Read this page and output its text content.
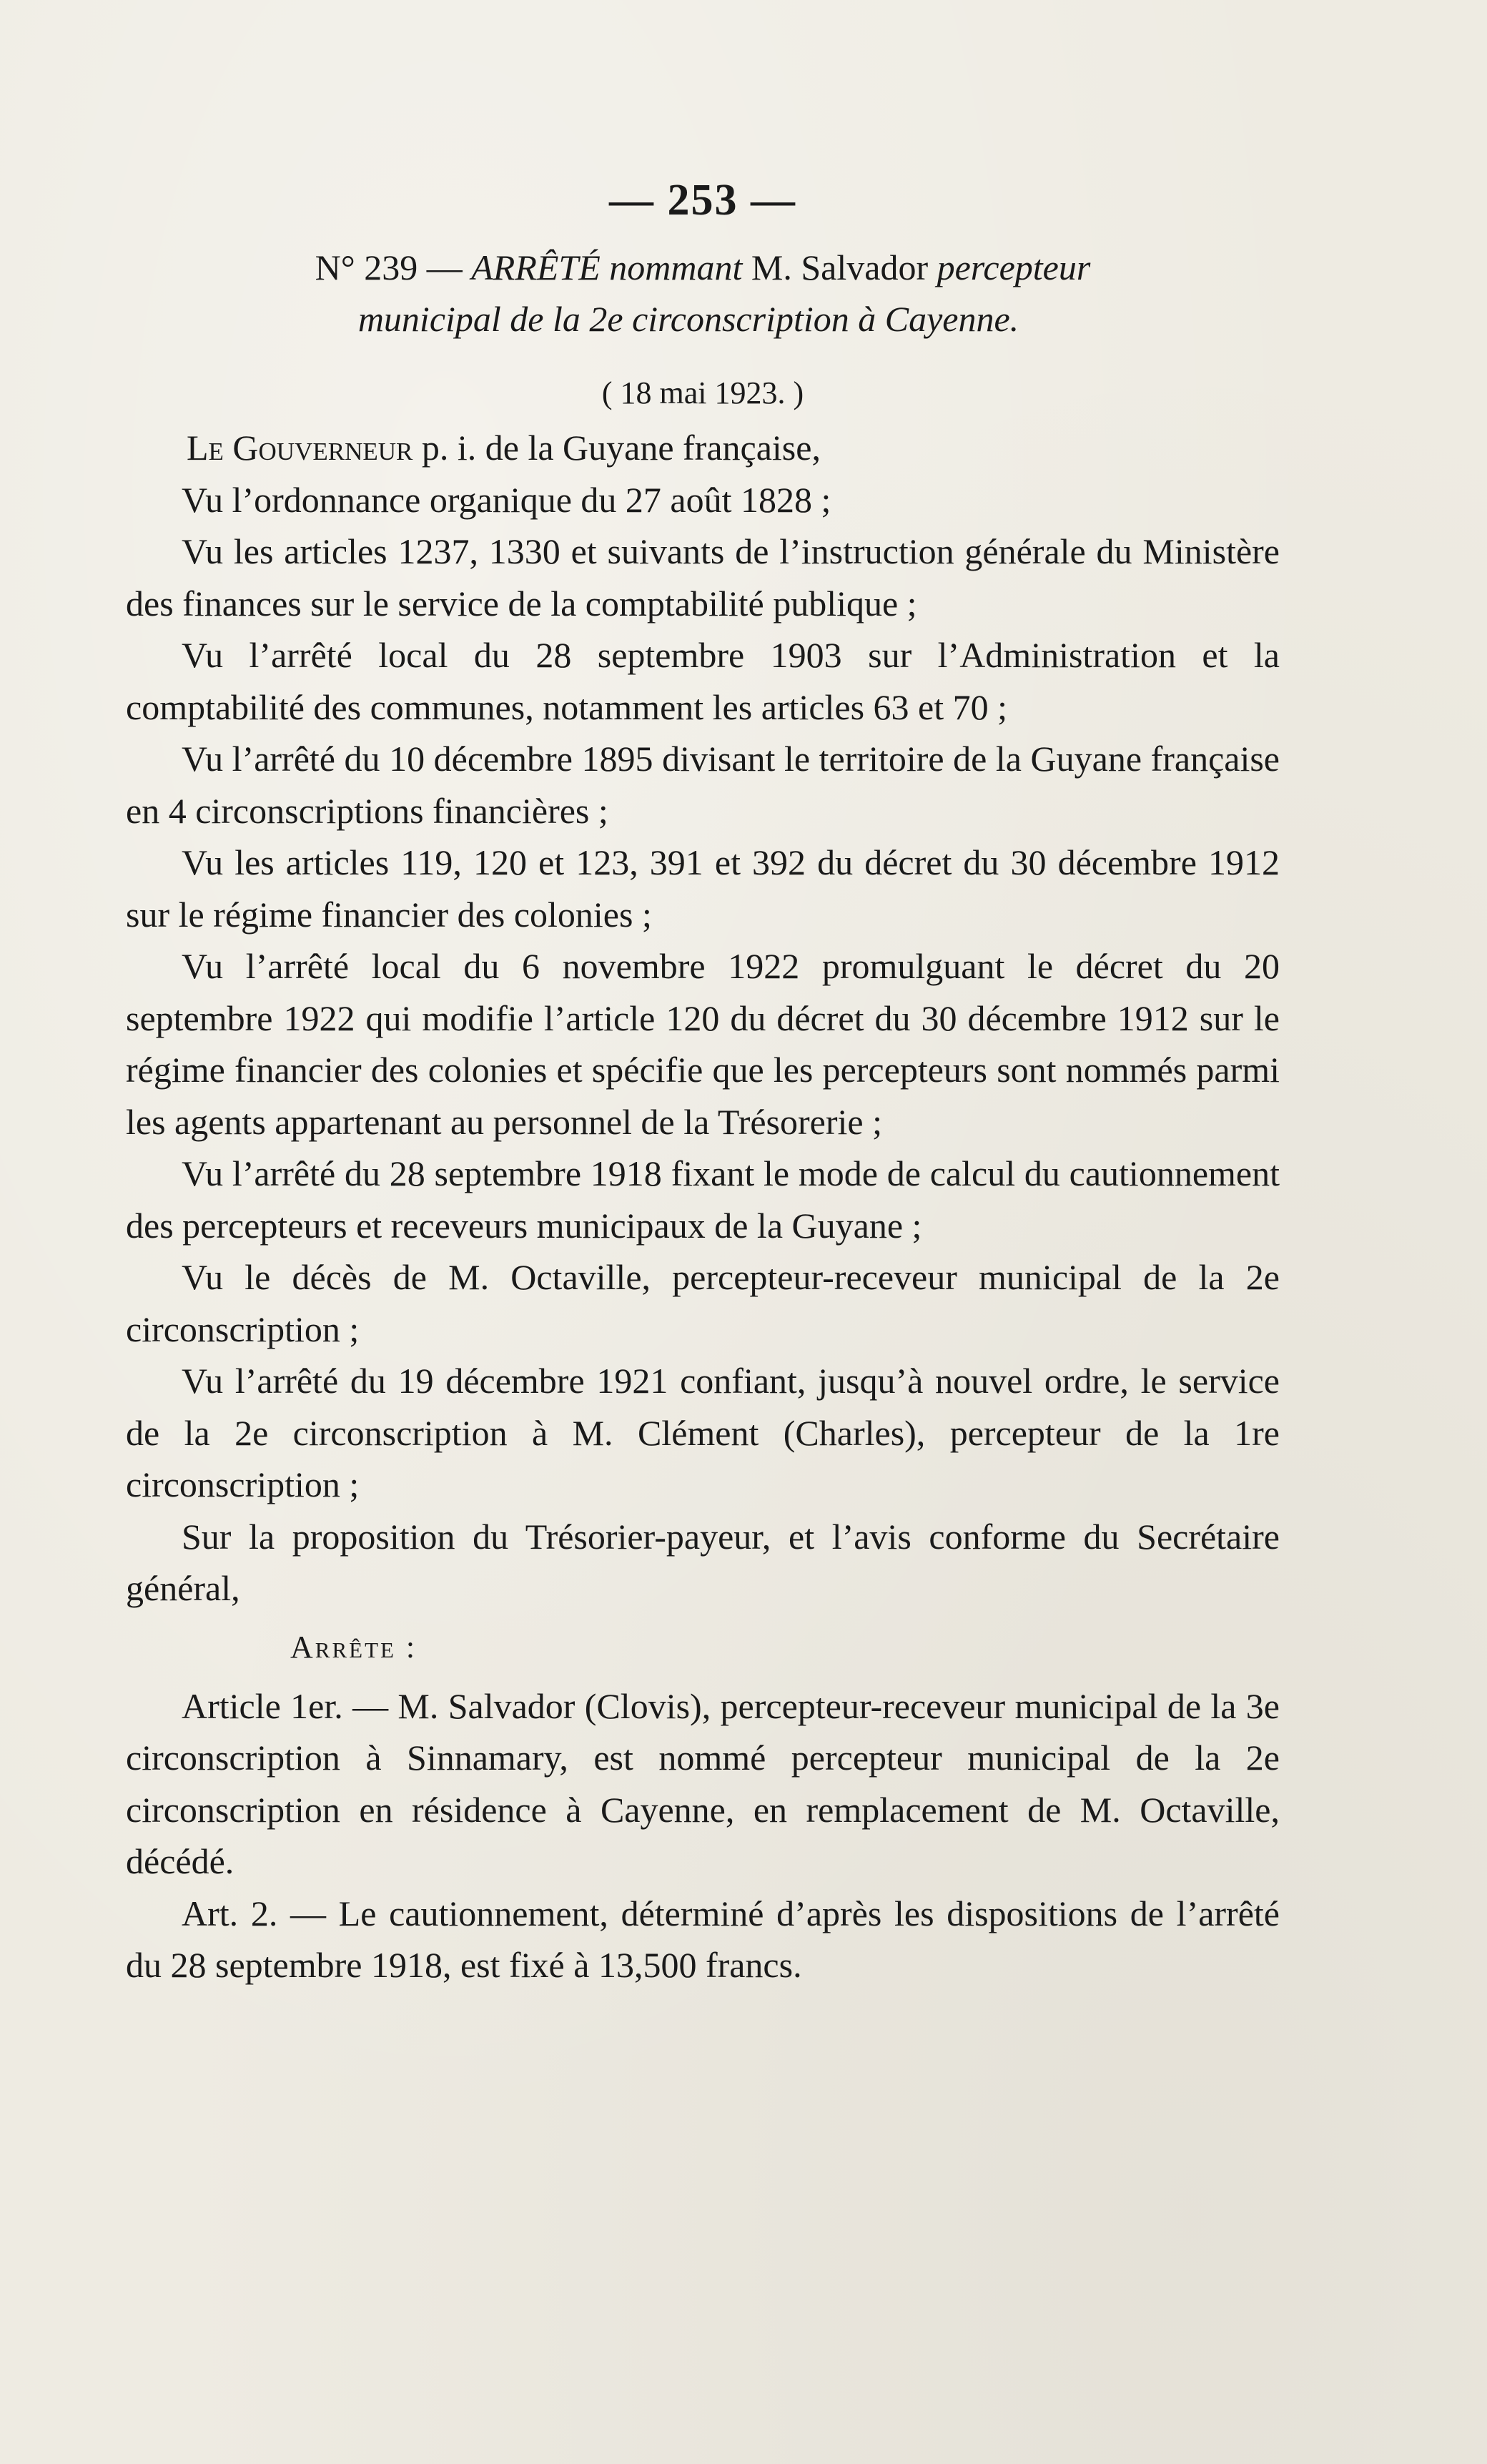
— 253 —
N° 239 — ARRÊTÉ nommant M. Salvador percepteur
municipal de la 2e circonscription à Cayenne.
( 18 mai 1923. )

Le Gouverneur p. i. de la Guyane française,

Vu l’ordonnance organique du 27 août 1828 ;

Vu les articles 1237, 1330 et suivants de l’instruction générale du Ministère des finances sur le service de la comptabilité publique ;

Vu l’arrêté local du 28 septembre 1903 sur l’Administration et la comptabilité des communes, notamment les articles 63 et 70 ;

Vu l’arrêté du 10 décembre 1895 divisant le territoire de la Guyane française en 4 circonscriptions financières ;

Vu les articles 119, 120 et 123, 391 et 392 du décret du 30 décembre 1912 sur le régime financier des colonies ;

Vu l’arrêté local du 6 novembre 1922 promulguant le décret du 20 septembre 1922 qui modifie l’article 120 du décret du 30 décembre 1912 sur le régime financier des colonies et spécifie que les percepteurs sont nommés parmi les agents appartenant au personnel de la Trésorerie ;

Vu l’arrêté du 28 septembre 1918 fixant le mode de calcul du cautionnement des percepteurs et receveurs municipaux de la Guyane ;

Vu le décès de M. Octaville, percepteur-receveur municipal de la 2e circonscription ;

Vu l’arrêté du 19 décembre 1921 confiant, jusqu’à nouvel ordre, le service de la 2e circonscription à M. Clément (Charles), percepteur de la 1re circonscription ;

Sur la proposition du Trésorier-payeur, et l’avis conforme du Secrétaire général,

Arrête :

Article 1er. — M. Salvador (Clovis), percepteur-receveur municipal de la 3e circonscription à Sinnamary, est nommé percepteur municipal de la 2e circonscription en résidence à Cayenne, en remplacement de M. Octaville, décédé.

Art. 2. — Le cautionnement, déterminé d’après les dispositions de l’arrêté du 28 septembre 1918, est fixé à 13,500 francs.
